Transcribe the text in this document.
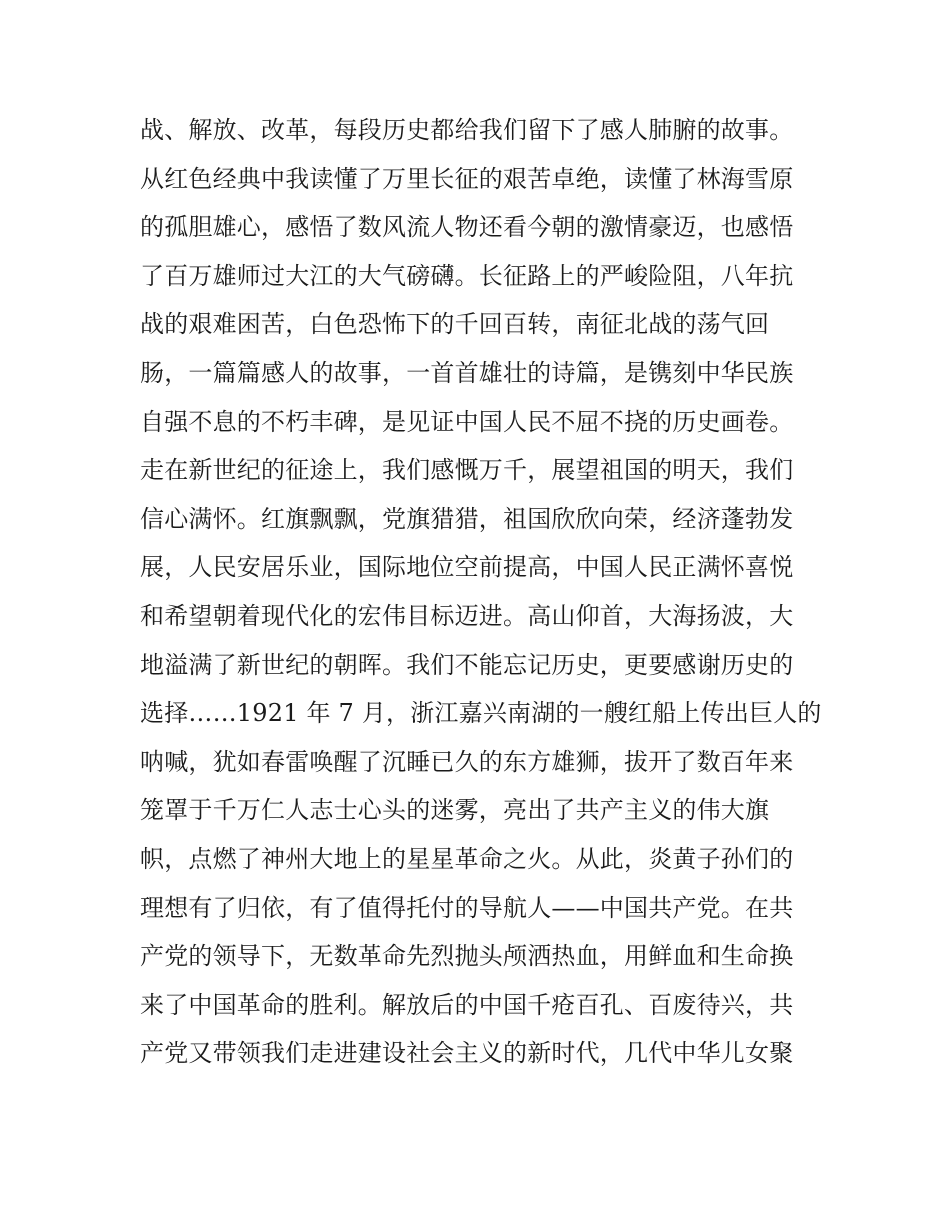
战、解放、改革，每段历史都给我们留下了感人肺腑的故事。
从红色经典中我读懂了万里长征的艰苦卓绝，读懂了林海雪原
的孤胆雄心，感悟了数风流人物还看今朝的激情豪迈，也感悟
了百万雄师过大江的大气磅礴。长征路上的严峻险阻，八年抗
战的艰难困苦，白色恐怖下的千回百转，南征北战的荡气回
肠，一篇篇感人的故事，一首首雄壮的诗篇，是镌刻中华民族
自强不息的不朽丰碑，是见证中国人民不屈不挠的历史画卷。
走在新世纪的征途上，我们感慨万千，展望祖国的明天，我们
信心满怀。红旗飘飘，党旗猎猎，祖国欣欣向荣，经济蓬勃发
展，人民安居乐业，国际地位空前提高，中国人民正满怀喜悦
和希望朝着现代化的宏伟目标迈进。高山仰首，大海扬波，大
地溢满了新世纪的朝晖。我们不能忘记历史，更要感谢历史的
选择……1921 年 7 月，浙江嘉兴南湖的一艘红船上传出巨人的
呐喊，犹如春雷唤醒了沉睡已久的东方雄狮，拔开了数百年来
笼罩于千万仁人志士心头的迷雾，亮出了共产主义的伟大旗
帜，点燃了神州大地上的星星革命之火。从此，炎黄子孙们的
理想有了归依，有了值得托付的导航人——中国共产党。在共
产党的领导下，无数革命先烈抛头颅洒热血，用鲜血和生命换
来了中国革命的胜利。解放后的中国千疮百孔、百废待兴，共
产党又带领我们走进建设社会主义的新时代，几代中华儿女聚
